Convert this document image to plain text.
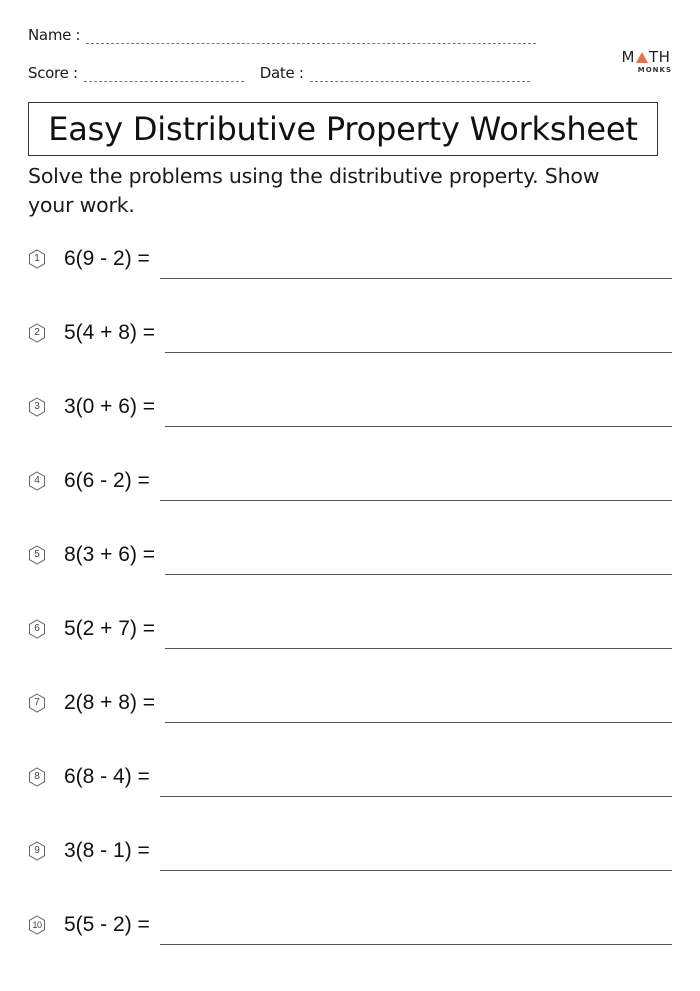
Name :
Score :	Date :
M TH
MONKS
Easy Distributive Property Worksheet
Solve the problems using the distributive property. Show your work.
1 6(9 - 2) =
2 5(4 + 8) =
3 3(0 + 6) =
4 6(6 - 2) =
5 8(3 + 6) =
6 5(2 + 7) =
7 2(8 + 8) =
8 6(8 - 4) =
9 3(8 - 1) =
10 5(5 - 2) =
